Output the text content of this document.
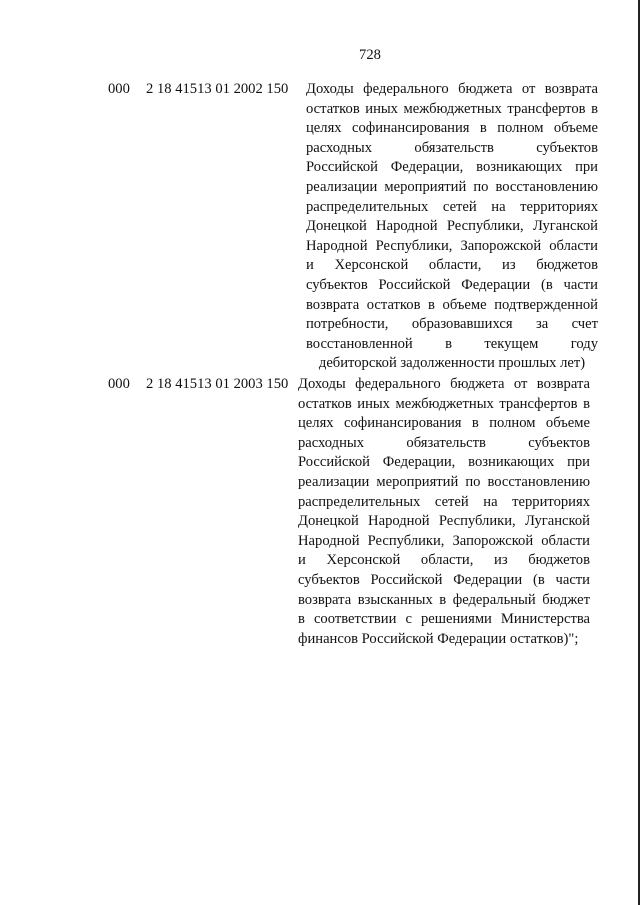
728
000 2 18 41513 01 2002 150 Доходы федерального бюджета от возврата
остатков иных межбюджетных трансфертов в
целях софинансирования в полном объеме
расходных обязательств субъектов
Российской Федерации, возникающих при
реализации мероприятий по восстановлению
распределительных сетей на территориях
Донецкой Народной Республики, Луганской
Народной Республики, Запорожской области
и Херсонской области, из бюджетов
субъектов Российской Федерации (в части
возврата остатков в объеме подтвержденной
потребности, образовавшихся за счет
восстановленной в текущем году
дебиторской задолженности прошлых лет)
000 2 18 41513 01 2003 150 Доходы федерального бюджета от возврата
остатков иных межбюджетных трансфертов в
целях софинансирования в полном объеме
расходных обязательств субъектов
Российской Федерации, возникающих при
реализации мероприятий по восстановлению
распределительных сетей на территориях
Донецкой Народной Республики, Луганской
Народной Республики, Запорожской области
и Херсонской области, из бюджетов
субъектов Российской Федерации (в части
возврата взысканных в федеральный бюджет
в соответствии с решениями Министерства
финансов Российской Федерации остатков)";
